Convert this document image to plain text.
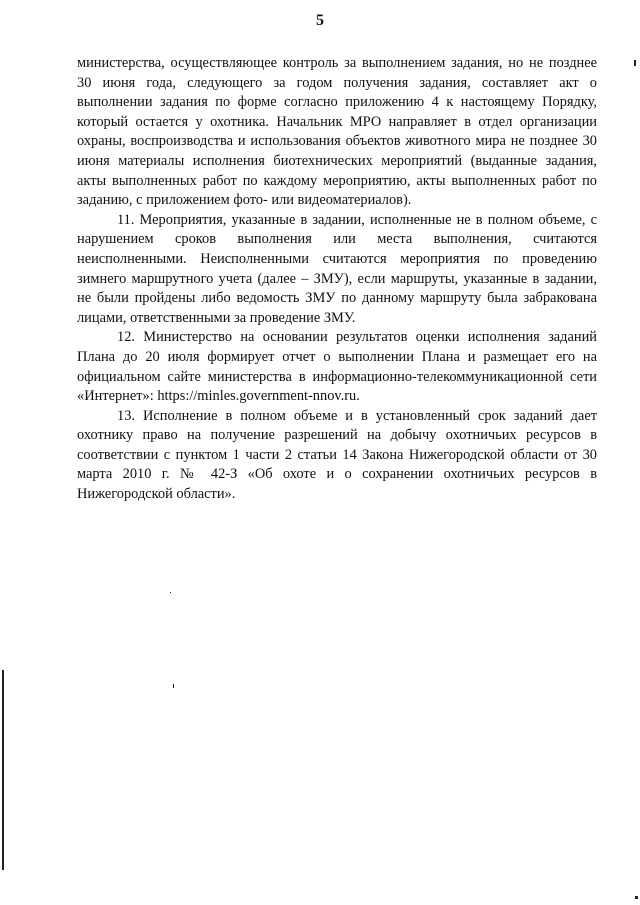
5

министерства, осуществляющее контроль за выполнением задания, но не позднее 30 июня года, следующего за годом получения задания, составляет акт о выполнении задания по форме согласно приложению 4 к настоящему Порядку, который остается у охотника. Начальник МРО направляет в отдел организации охраны, воспроизводства и использования объектов животного мира не позднее 30 июня материалы исполнения биотехнических мероприятий (выданные задания, акты выполненных работ по каждому мероприятию, акты выполненных работ по заданию, с приложением фото- или видеоматериалов).

11. Мероприятия, указанные в задании, исполненные не в полном объеме, с нарушением сроков выполнения или места выполнения, считаются неисполненными. Неисполненными считаются мероприятия по проведению зимнего маршрутного учета (далее – ЗМУ), если маршруты, указанные в задании, не были пройдены либо ведомость ЗМУ по данному маршруту была забракована лицами, ответственными за проведение ЗМУ.

12. Министерство на основании результатов оценки исполнения заданий Плана до 20 июля формирует отчет о выполнении Плана и размещает его на официальном сайте министерства в информационно-телекоммуникационной сети «Интернет»: https://minles.government-nnov.ru.

13. Исполнение в полном объеме и в установленный срок заданий дает охотнику право на получение разрешений на добычу охотничьих ресурсов в соответствии с пунктом 1 части 2 статьи 14 Закона Нижегородской области от 30 марта 2010 г. № 42-З «Об охоте и о сохранении охотничьих ресурсов в Нижегородской области».
